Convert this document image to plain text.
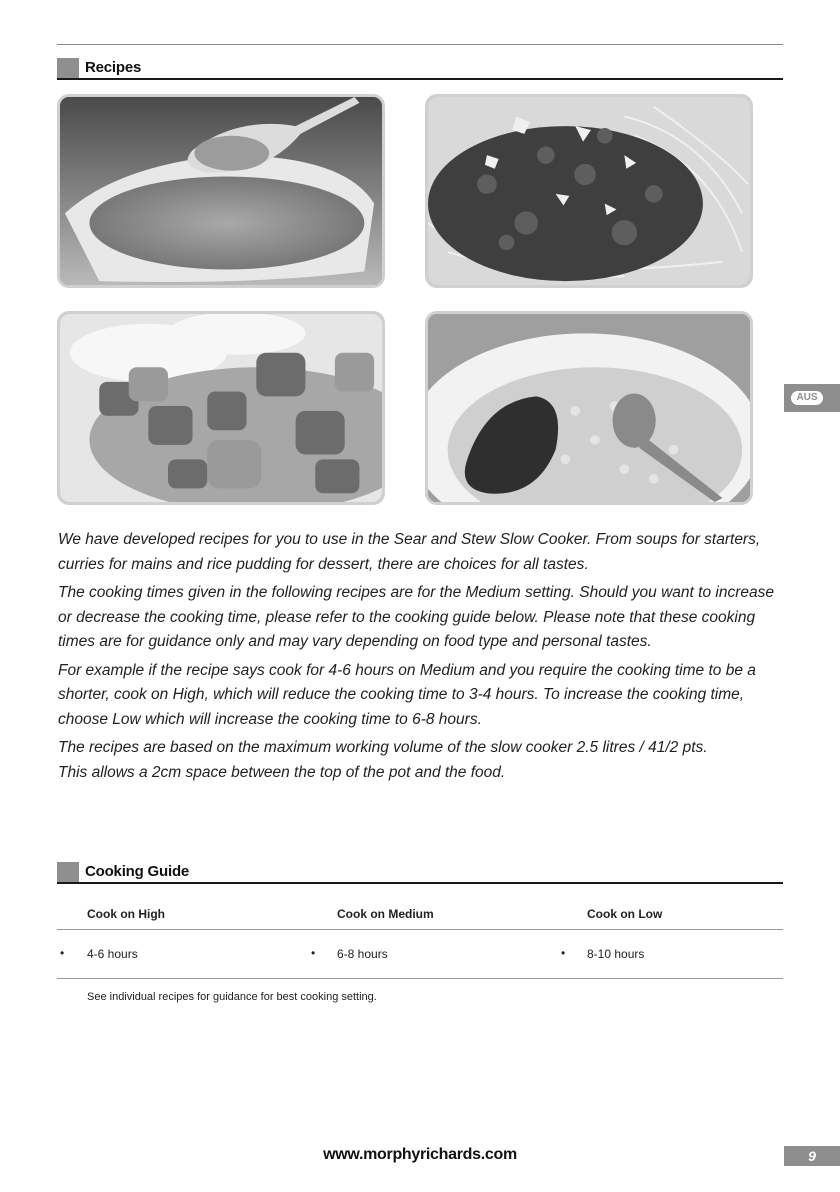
Recipes
AUS

We have developed recipes for you to use in the Sear and Stew Slow Cooker. From soups for starters, curries for mains and rice pudding for dessert, there are choices for all tastes.

The cooking times given in the following recipes are for the Medium setting. Should you want to increase or decrease the cooking time, please refer to the cooking guide below. Please note that these cooking times are for guidance only and may vary depending on food type and personal tastes.

For example if the recipe says cook for 4-6 hours on Medium and you require the cooking time to be a shorter, cook on High, which will reduce the cooking time to 3-4 hours. To increase the cooking time, choose Low which will increase the cooking time to 6-8 hours.

The recipes are based on the maximum working volume of the slow cooker 2.5 litres / 41/2 pts.

This allows a 2cm space between the top of the pot and the food.

Cooking Guide
Cook on High	Cook on Medium	Cook on Low
• 4-6 hours	• 6-8 hours	• 8-10 hours
See individual recipes for guidance for best cooking setting.
www.morphyrichards.com	9
